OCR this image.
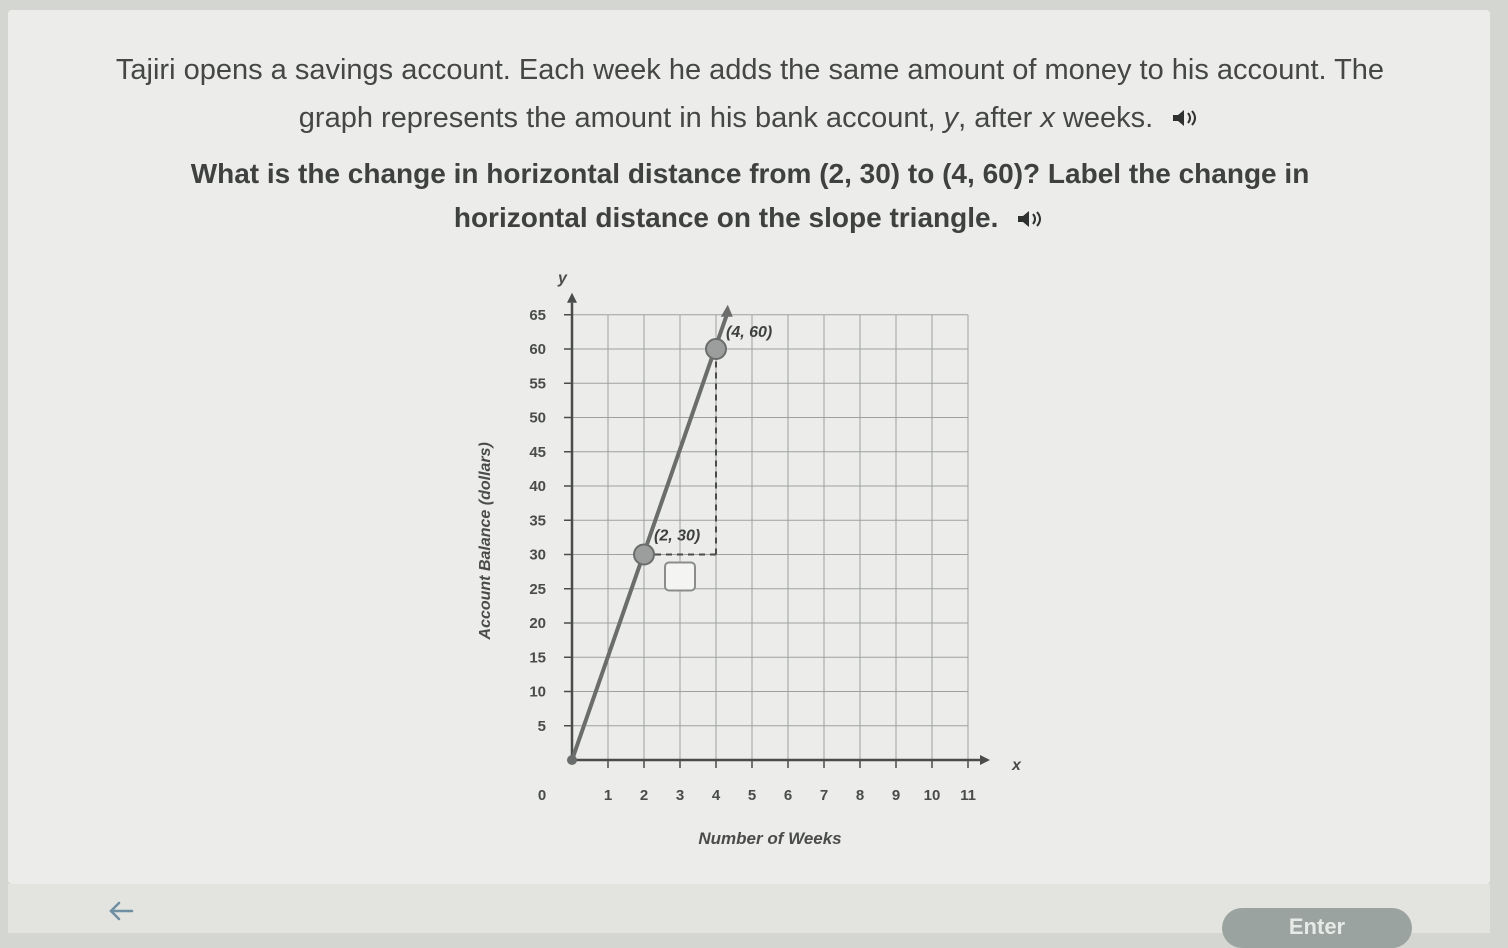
Tajiri opens a savings account. Each week he adds the same amount of money to his account. The
graph represents the amount in his bank account, y, after x weeks.
What is the change in horizontal distance from (2, 30) to (4, 60)? Label the change in
horizontal distance on the slope triangle.
5
10
15
20
25
30
35
40
45
50
55
60
65
0	1 2 3 4 5 6 7 8 9 10 11
x
y
Number of Weeks
Account Balance (dollars)	(2, 30)
(4, 60)
Enter
